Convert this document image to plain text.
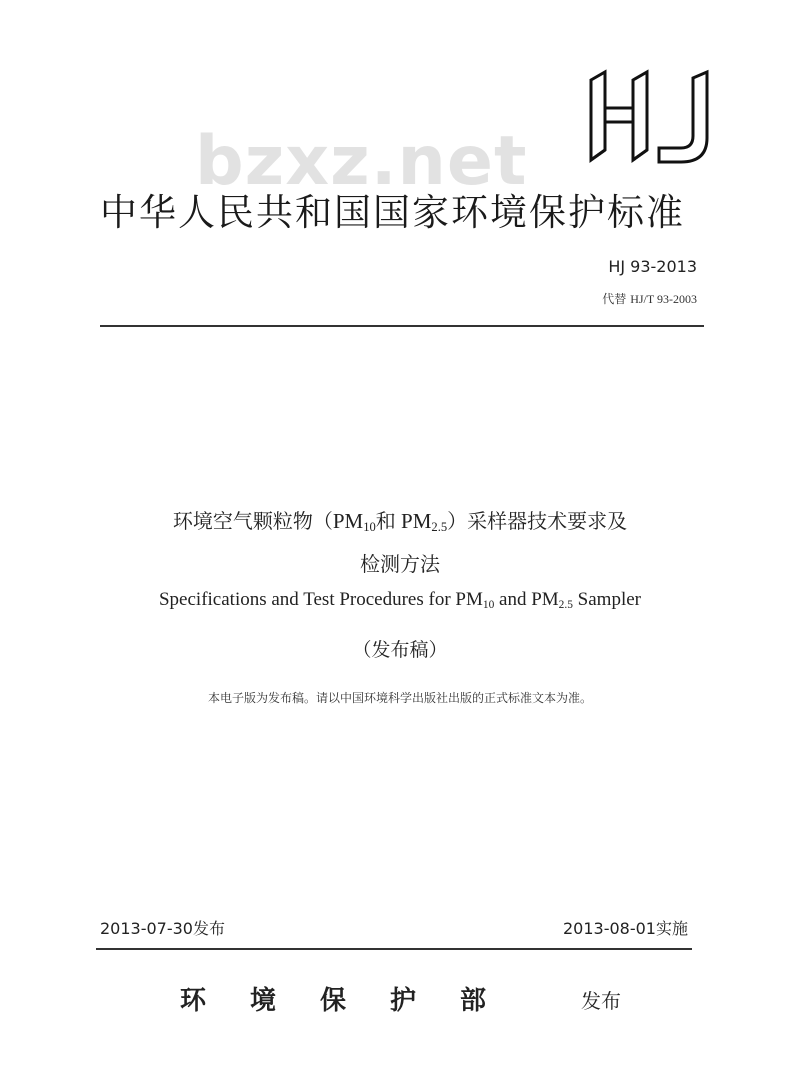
bzxz.net
中华人民共和国国家环境保护标准
HJ 93-2013
代替 HJ/T 93-2003
环境空气颗粒物（$PM_{10}$和 $PM_{2.5}$）采样器技术要求及
检测方法
Specifications and Test Procedures for $PM_{10}$ and $PM_{2.5}$ Sampler
（发布稿）
本电子版为发布稿。请以中国环境科学出版社出版的正式标准文本为准。
2013-07-30发布	2013-08-01实施
环境保护部	发布
